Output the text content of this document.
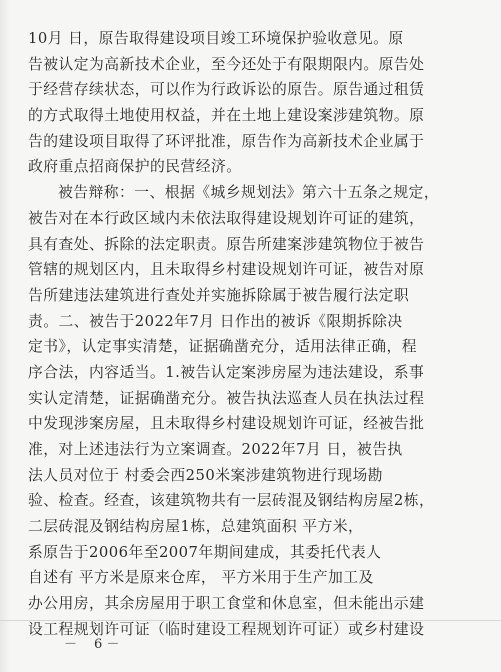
10月 日，原告取得建设项目竣工环境保护验收意见。原
告被认定为高新技术企业，至今还处于有限期限内。原告处
于经营存续状态，可以作为行政诉讼的原告。原告通过租赁
的方式取得土地使用权益，并在土地上建设案涉建筑物。原
告的建设项目取得了环评批准，原告作为高新技术企业属于
政府重点招商保护的民营经济。
被告辩称：一、根据《城乡规划法》第六十五条之规定，
被告对在本行政区域内未依法取得建设规划许可证的建筑，
具有查处、拆除的法定职责。原告所建案涉建筑物位于被告
管辖的规划区内，且未取得乡村建设规划许可证，被告对原
告所建违法建筑进行查处并实施拆除属于被告履行法定职
责。二、被告于2022年7月 日作出的被诉《限期拆除决
定书》，认定事实清楚，证据确凿充分，适用法律正确，程
序合法，内容适当。1.被告认定案涉房屋为违法建设，系事
实认定清楚，证据确凿充分。被告执法巡查人员在执法过程
中发现涉案房屋，且未取得乡村建设规划许可证，经被告批
准，对上述违法行为立案调查。2022年7月 日，被告执
法人员对位于 村委会西250米案涉建筑物进行现场勘
验、检查。经查，该建筑物共有一层砖混及钢结构房屋2栋，
二层砖混及钢结构房屋1栋，总建筑面积 平方米，
系原告于2006年至2007年期间建成，其委托代表人
自述有 平方米是原来仓库， 平方米用于生产加工及
办公用房，其余房屋用于职工食堂和休息室，但未能出示建
设工程规划许可证（临时建设工程规划许可证）或乡村建设
－ 6 －
